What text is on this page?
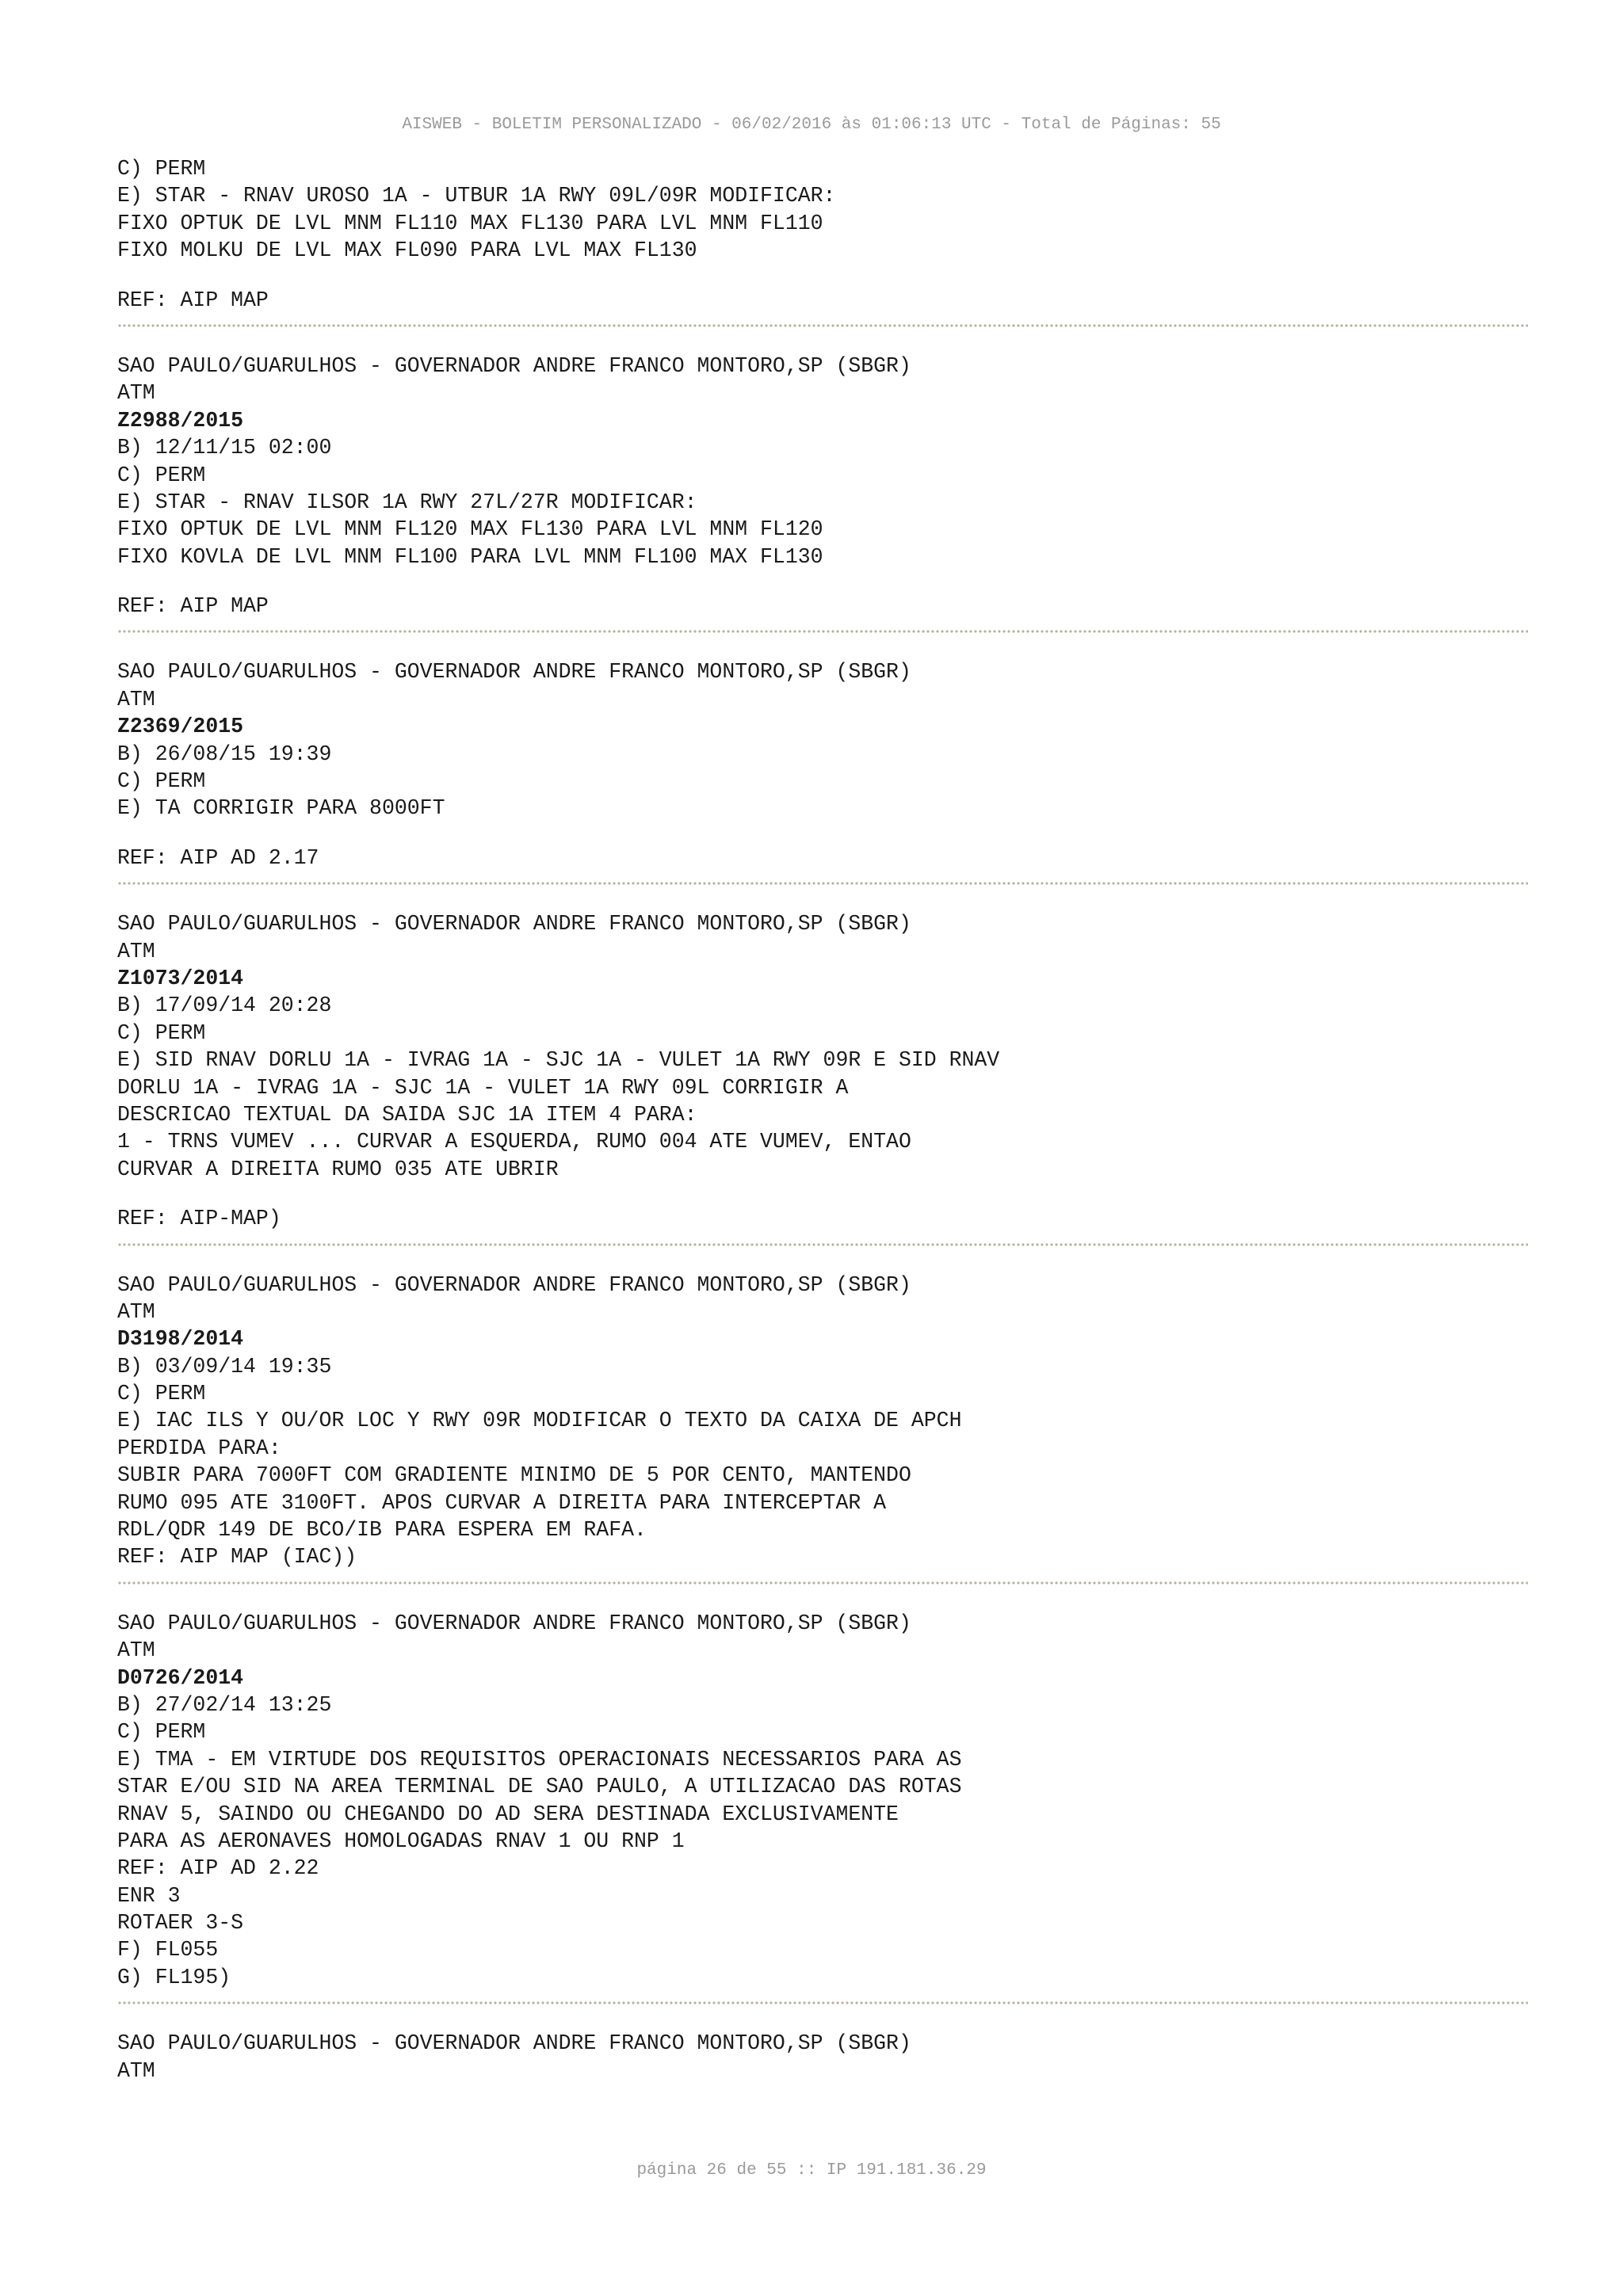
AISWEB - BOLETIM PERSONALIZADO - 06/02/2016 às 01:06:13 UTC - Total de Páginas: 55
C) PERM
E) STAR - RNAV UROSO 1A - UTBUR 1A RWY 09L/09R MODIFICAR:
FIXO OPTUK DE LVL MNM FL110 MAX FL130 PARA LVL MNM FL110
FIXO MOLKU DE LVL MAX FL090 PARA LVL MAX FL130
REF: AIP MAP
SAO PAULO/GUARULHOS - GOVERNADOR ANDRE FRANCO MONTORO,SP (SBGR)
ATM
Z2988/2015
B) 12/11/15 02:00
C) PERM
E) STAR - RNAV ILSOR 1A RWY 27L/27R MODIFICAR:
FIXO OPTUK DE LVL MNM FL120 MAX FL130 PARA LVL MNM FL120
FIXO KOVLA DE LVL MNM FL100 PARA LVL MNM FL100 MAX FL130
REF: AIP MAP
SAO PAULO/GUARULHOS - GOVERNADOR ANDRE FRANCO MONTORO,SP (SBGR)
ATM
Z2369/2015
B) 26/08/15 19:39
C) PERM
E) TA CORRIGIR PARA 8000FT
REF: AIP AD 2.17
SAO PAULO/GUARULHOS - GOVERNADOR ANDRE FRANCO MONTORO,SP (SBGR)
ATM
Z1073/2014
B) 17/09/14 20:28
C) PERM
E) SID RNAV DORLU 1A - IVRAG 1A - SJC 1A - VULET 1A RWY 09R E SID RNAV
DORLU 1A - IVRAG 1A - SJC 1A - VULET 1A RWY 09L CORRIGIR A
DESCRICAO TEXTUAL DA SAIDA SJC 1A ITEM 4 PARA:
1 - TRNS VUMEV ... CURVAR A ESQUERDA, RUMO 004 ATE VUMEV, ENTAO
CURVAR A DIREITA RUMO 035 ATE UBRIR
REF: AIP-MAP)
SAO PAULO/GUARULHOS - GOVERNADOR ANDRE FRANCO MONTORO,SP (SBGR)
ATM
D3198/2014
B) 03/09/14 19:35
C) PERM
E) IAC ILS Y OU/OR LOC Y RWY 09R MODIFICAR O TEXTO DA CAIXA DE APCH
PERDIDA PARA:
SUBIR PARA 7000FT COM GRADIENTE MINIMO DE 5 POR CENTO, MANTENDO
RUMO 095 ATE 3100FT. APOS CURVAR A DIREITA PARA INTERCEPTAR A
RDL/QDR 149 DE BCO/IB PARA ESPERA EM RAFA.
REF: AIP MAP (IAC))
SAO PAULO/GUARULHOS - GOVERNADOR ANDRE FRANCO MONTORO,SP (SBGR)
ATM
D0726/2014
B) 27/02/14 13:25
C) PERM
E) TMA - EM VIRTUDE DOS REQUISITOS OPERACIONAIS NECESSARIOS PARA AS
STAR E/OU SID NA AREA TERMINAL DE SAO PAULO, A UTILIZACAO DAS ROTAS
RNAV 5, SAINDO OU CHEGANDO DO AD SERA DESTINADA EXCLUSIVAMENTE
PARA AS AERONAVES HOMOLOGADAS RNAV 1 OU RNP 1
REF: AIP AD 2.22
ENR 3
ROTAER 3-S
F) FL055
G) FL195)
SAO PAULO/GUARULHOS - GOVERNADOR ANDRE FRANCO MONTORO,SP (SBGR)
ATM
página 26 de 55 :: IP 191.181.36.29
